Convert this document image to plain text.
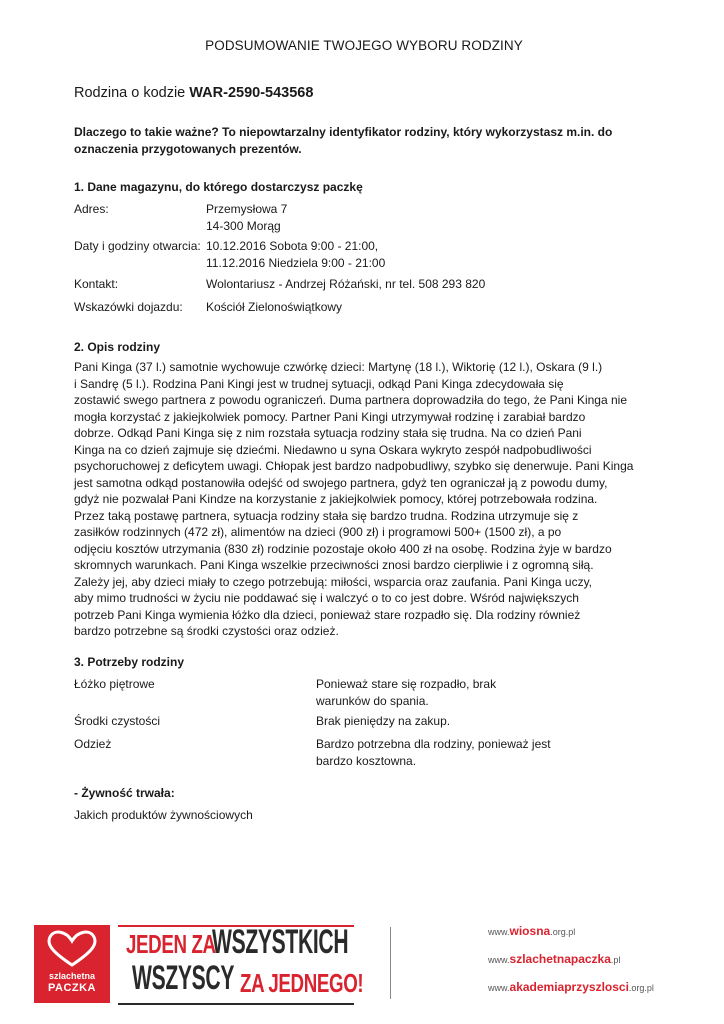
PODSUMOWANIE TWOJEGO WYBORU RODZINY
Rodzina o kodzie WAR-2590-543568
Dlaczego to takie ważne? To niepowtarzalny identyfikator rodziny, który wykorzystasz m.in. do oznaczenia przygotowanych prezentów.
1. Dane magazynu, do którego dostarczysz paczkę
Adres:	Przemysłowa 7
14-300 Morąg
Daty i godziny otwarcia: 10.12.2016 Sobota 9:00 - 21:00,
11.12.2016 Niedziela 9:00 - 21:00
Kontakt:	Wolontariusz - Andrzej Różański, nr tel. 508 293 820
Wskazówki dojazdu: Kościół Zielonoświątkowy
2. Opis rodziny
Pani Kinga (37 l.) samotnie wychowuje czwórkę dzieci: Martynę (18 l.), Wiktorię (12 l.), Oskara (9 l.)
i Sandrę (5 l.). Rodzina Pani Kingi jest w trudnej sytuacji, odkąd Pani Kinga zdecydowała się
zostawić swego partnera z powodu ograniczeń. Duma partnera doprowadziła do tego, że Pani Kinga nie
mogła korzystać z jakiejkolwiek pomocy. Partner Pani Kingi utrzymywał rodzinę i zarabiał bardzo
dobrze. Odkąd Pani Kinga się z nim rozstała sytuacja rodziny stała się trudna. Na co dzień Pani
Kinga na co dzień zajmuje się dziećmi. Niedawno u syna Oskara wykryto zespół nadpobudliwości
psychoruchowej z deficytem uwagi. Chłopak jest bardzo nadpobudliwy, szybko się denerwuje. Pani Kinga
jest samotna odkąd postanowiła odejść od swojego partnera, gdyż ten ograniczał ją z powodu dumy,
gdyż nie pozwalał Pani Kindze na korzystanie z jakiejkolwiek pomocy, której potrzebowała rodzina.
Przez taką postawę partnera, sytuacja rodziny stała się bardzo trudna. Rodzina utrzymuje się z
zasiłków rodzinnych (472 zł), alimentów na dzieci (900 zł) i programowi 500+ (1500 zł), a po
odjęciu kosztów utrzymania (830 zł) rodzinie pozostaje około 400 zł na osobę. Rodzina żyje w bardzo
skromnych warunkach. Pani Kinga wszelkie przeciwności znosi bardzo cierpliwie i z ogromną siłą.
Zależy jej, aby dzieci miały to czego potrzebują: miłości, wsparcia oraz zaufania. Pani Kinga uczy,
aby mimo trudności w życiu nie poddawać się i walczyć o to co jest dobre. Wśród największych
potrzeb Pani Kinga wymienia łóżko dla dzieci, ponieważ stare rozpadło się. Dla rodziny również
bardzo potrzebne są środki czystości oraz odzież.
3. Potrzeby rodziny
Łóżko piętrowe	Ponieważ stare się rozpadło, brak
warunków do spania.
Środki czystości	Brak pieniędzy na zakup.
Odzież	Bardzo potrzebna dla rodziny, ponieważ jest
bardzo kosztowna.
- Żywność trwała:
Jakich produktów żywnościowych
szlachetna
PACZKA
JEDEN ZA
WSZYSTKICH
WSZYSCY ZA JEDNEGO!
www.wiosna.org.pl
www.szlachetnapaczka.pl
www.akademiaprzyszlosci.org.pl
